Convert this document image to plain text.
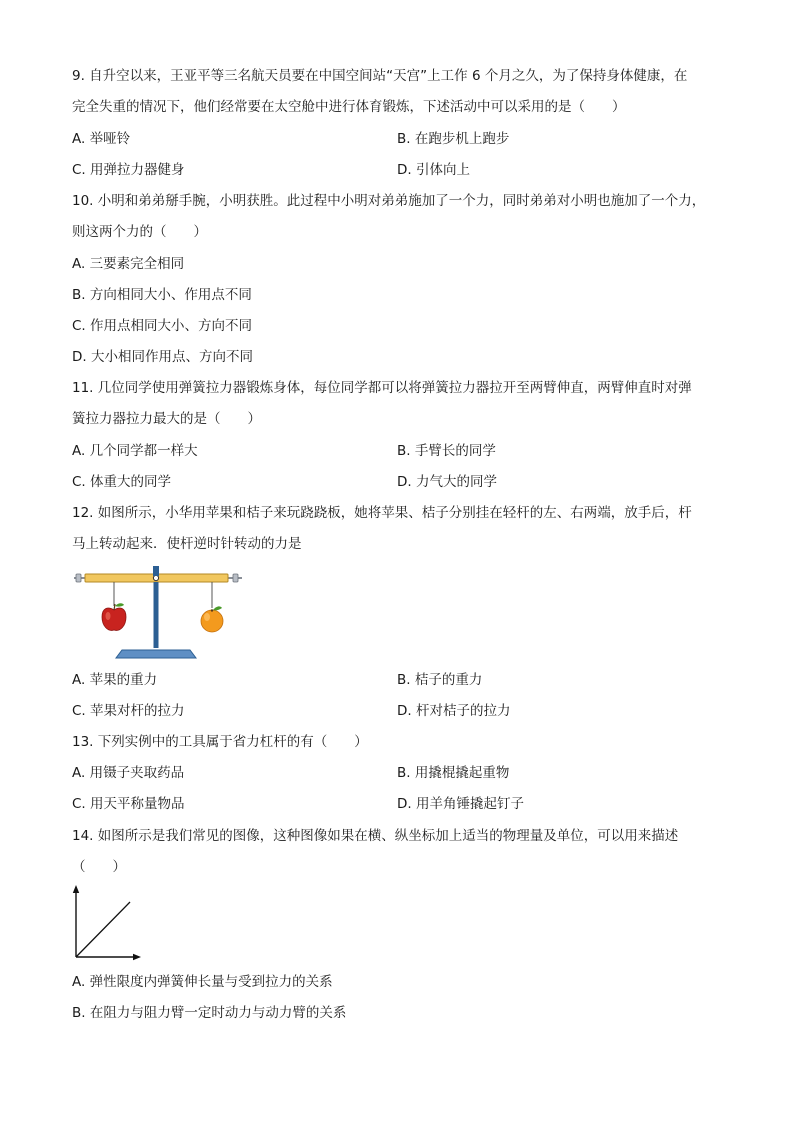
9. 自升空以来，王亚平等三名航天员要在中国空间站“天宫”上工作 6 个月之久，为了保持身体健康，在
完全失重的情况下，他们经常要在太空舱中进行体育锻炼，下述活动中可以采用的是（　　）
A. 举哑铃	B. 在跑步机上跑步
C. 用弹拉力器健身	D. 引体向上
10. 小明和弟弟掰手腕，小明获胜。此过程中小明对弟弟施加了一个力，同时弟弟对小明也施加了一个力，
则这两个力的（　　）
A. 三要素完全相同
B. 方向相同大小、作用点不同
C. 作用点相同大小、方向不同
D. 大小相同作用点、方向不同
11. 几位同学使用弹簧拉力器锻炼身体，每位同学都可以将弹簧拉力器拉开至两臂伸直，两臂伸直时对弹
簧拉力器拉力最大的是（　　）
A. 几个同学都一样大	B. 手臂长的同学
C. 体重大的同学	D. 力气大的同学
12. 如图所示，小华用苹果和桔子来玩跷跷板，她将苹果、桔子分别挂在轻杆的左、右两端，放手后，杆
马上转动起来．使杆逆时针转动的力是
A. 苹果的重力	B. 桔子的重力
C. 苹果对杆的拉力	D. 杆对桔子的拉力
13. 下列实例中的工具属于省力杠杆的有（　　）
A. 用镊子夹取药品	B. 用撬棍撬起重物
C. 用天平称量物品	D. 用羊角锤撬起钉子
14. 如图所示是我们常见的图像，这种图像如果在横、纵坐标加上适当的物理量及单位，可以用来描述
（　　）
A. 弹性限度内弹簧伸长量与受到拉力的关系
B. 在阻力与阻力臂一定时动力与动力臂的关系
